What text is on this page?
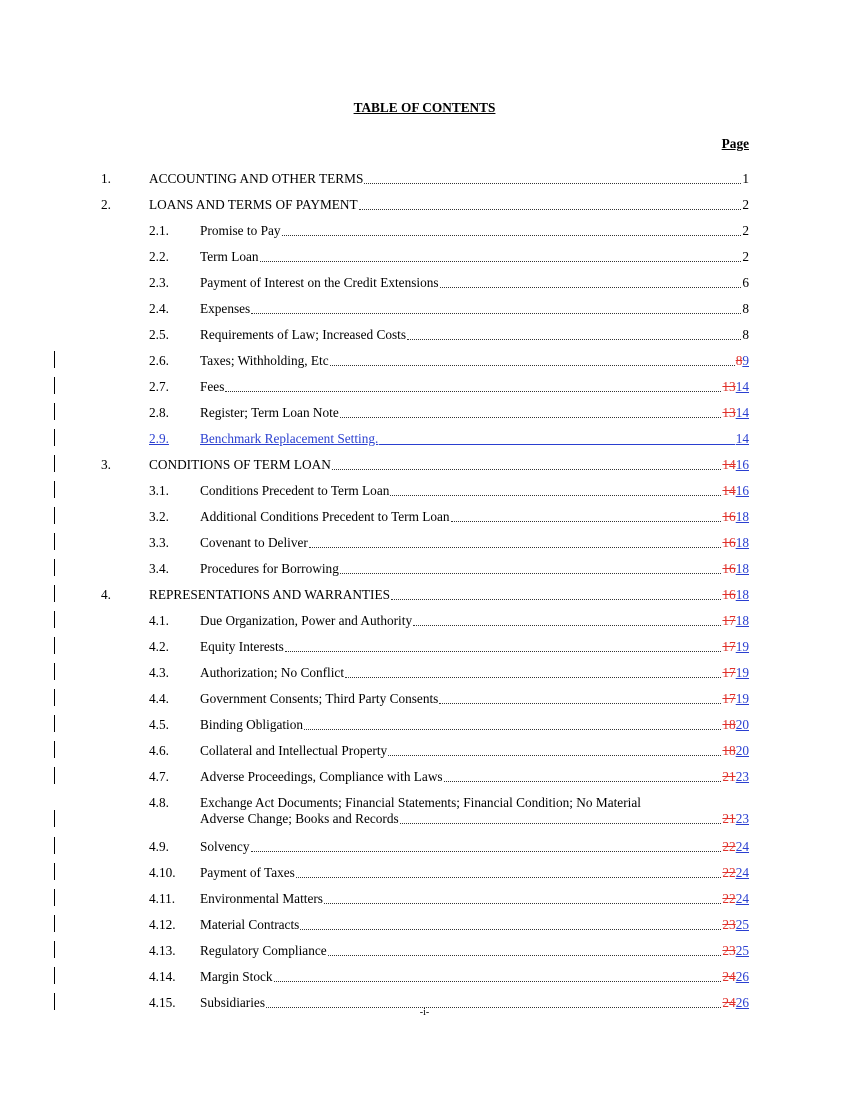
TABLE OF CONTENTS
Page
1.	ACCOUNTING AND OTHER TERMS	1
2.	LOANS AND TERMS OF PAYMENT	2
2.1. Promise to Pay	2
2.2. Term Loan	2
2.3. Payment of Interest on the Credit Extensions	6
2.4. Expenses	8
2.5. Requirements of Law; Increased Costs	8
2.6. Taxes; Withholding, Etc	89
2.7. Fees	1314
2.8. Register; Term Loan Note	1314
2.9. Benchmark Replacement Setting.	14
3.	CONDITIONS OF TERM LOAN	1416
3.1. Conditions Precedent to Term Loan	1416
3.2. Additional Conditions Precedent to Term Loan	1618
3.3. Covenant to Deliver	1618
3.4. Procedures for Borrowing	1618
4.	REPRESENTATIONS AND WARRANTIES	1618
4.1. Due Organization, Power and Authority	1718
4.2. Equity Interests	1719
4.3. Authorization; No Conflict	1719
4.4. Government Consents; Third Party Consents	1719
4.5. Binding Obligation	1820
4.6. Collateral and Intellectual Property	1820
4.7. Adverse Proceedings, Compliance with Laws	2123
4.8. Exchange Act Documents; Financial Statements; Financial Condition; No Material
Adverse Change; Books and Records	2123
4.9. Solvency	2224
4.10. Payment of Taxes	2224
4.11. Environmental Matters	2224
4.12. Material Contracts	2325
4.13. Regulatory Compliance	2325
4.14. Margin Stock	2426
4.15. Subsidiaries	2426
-i-
